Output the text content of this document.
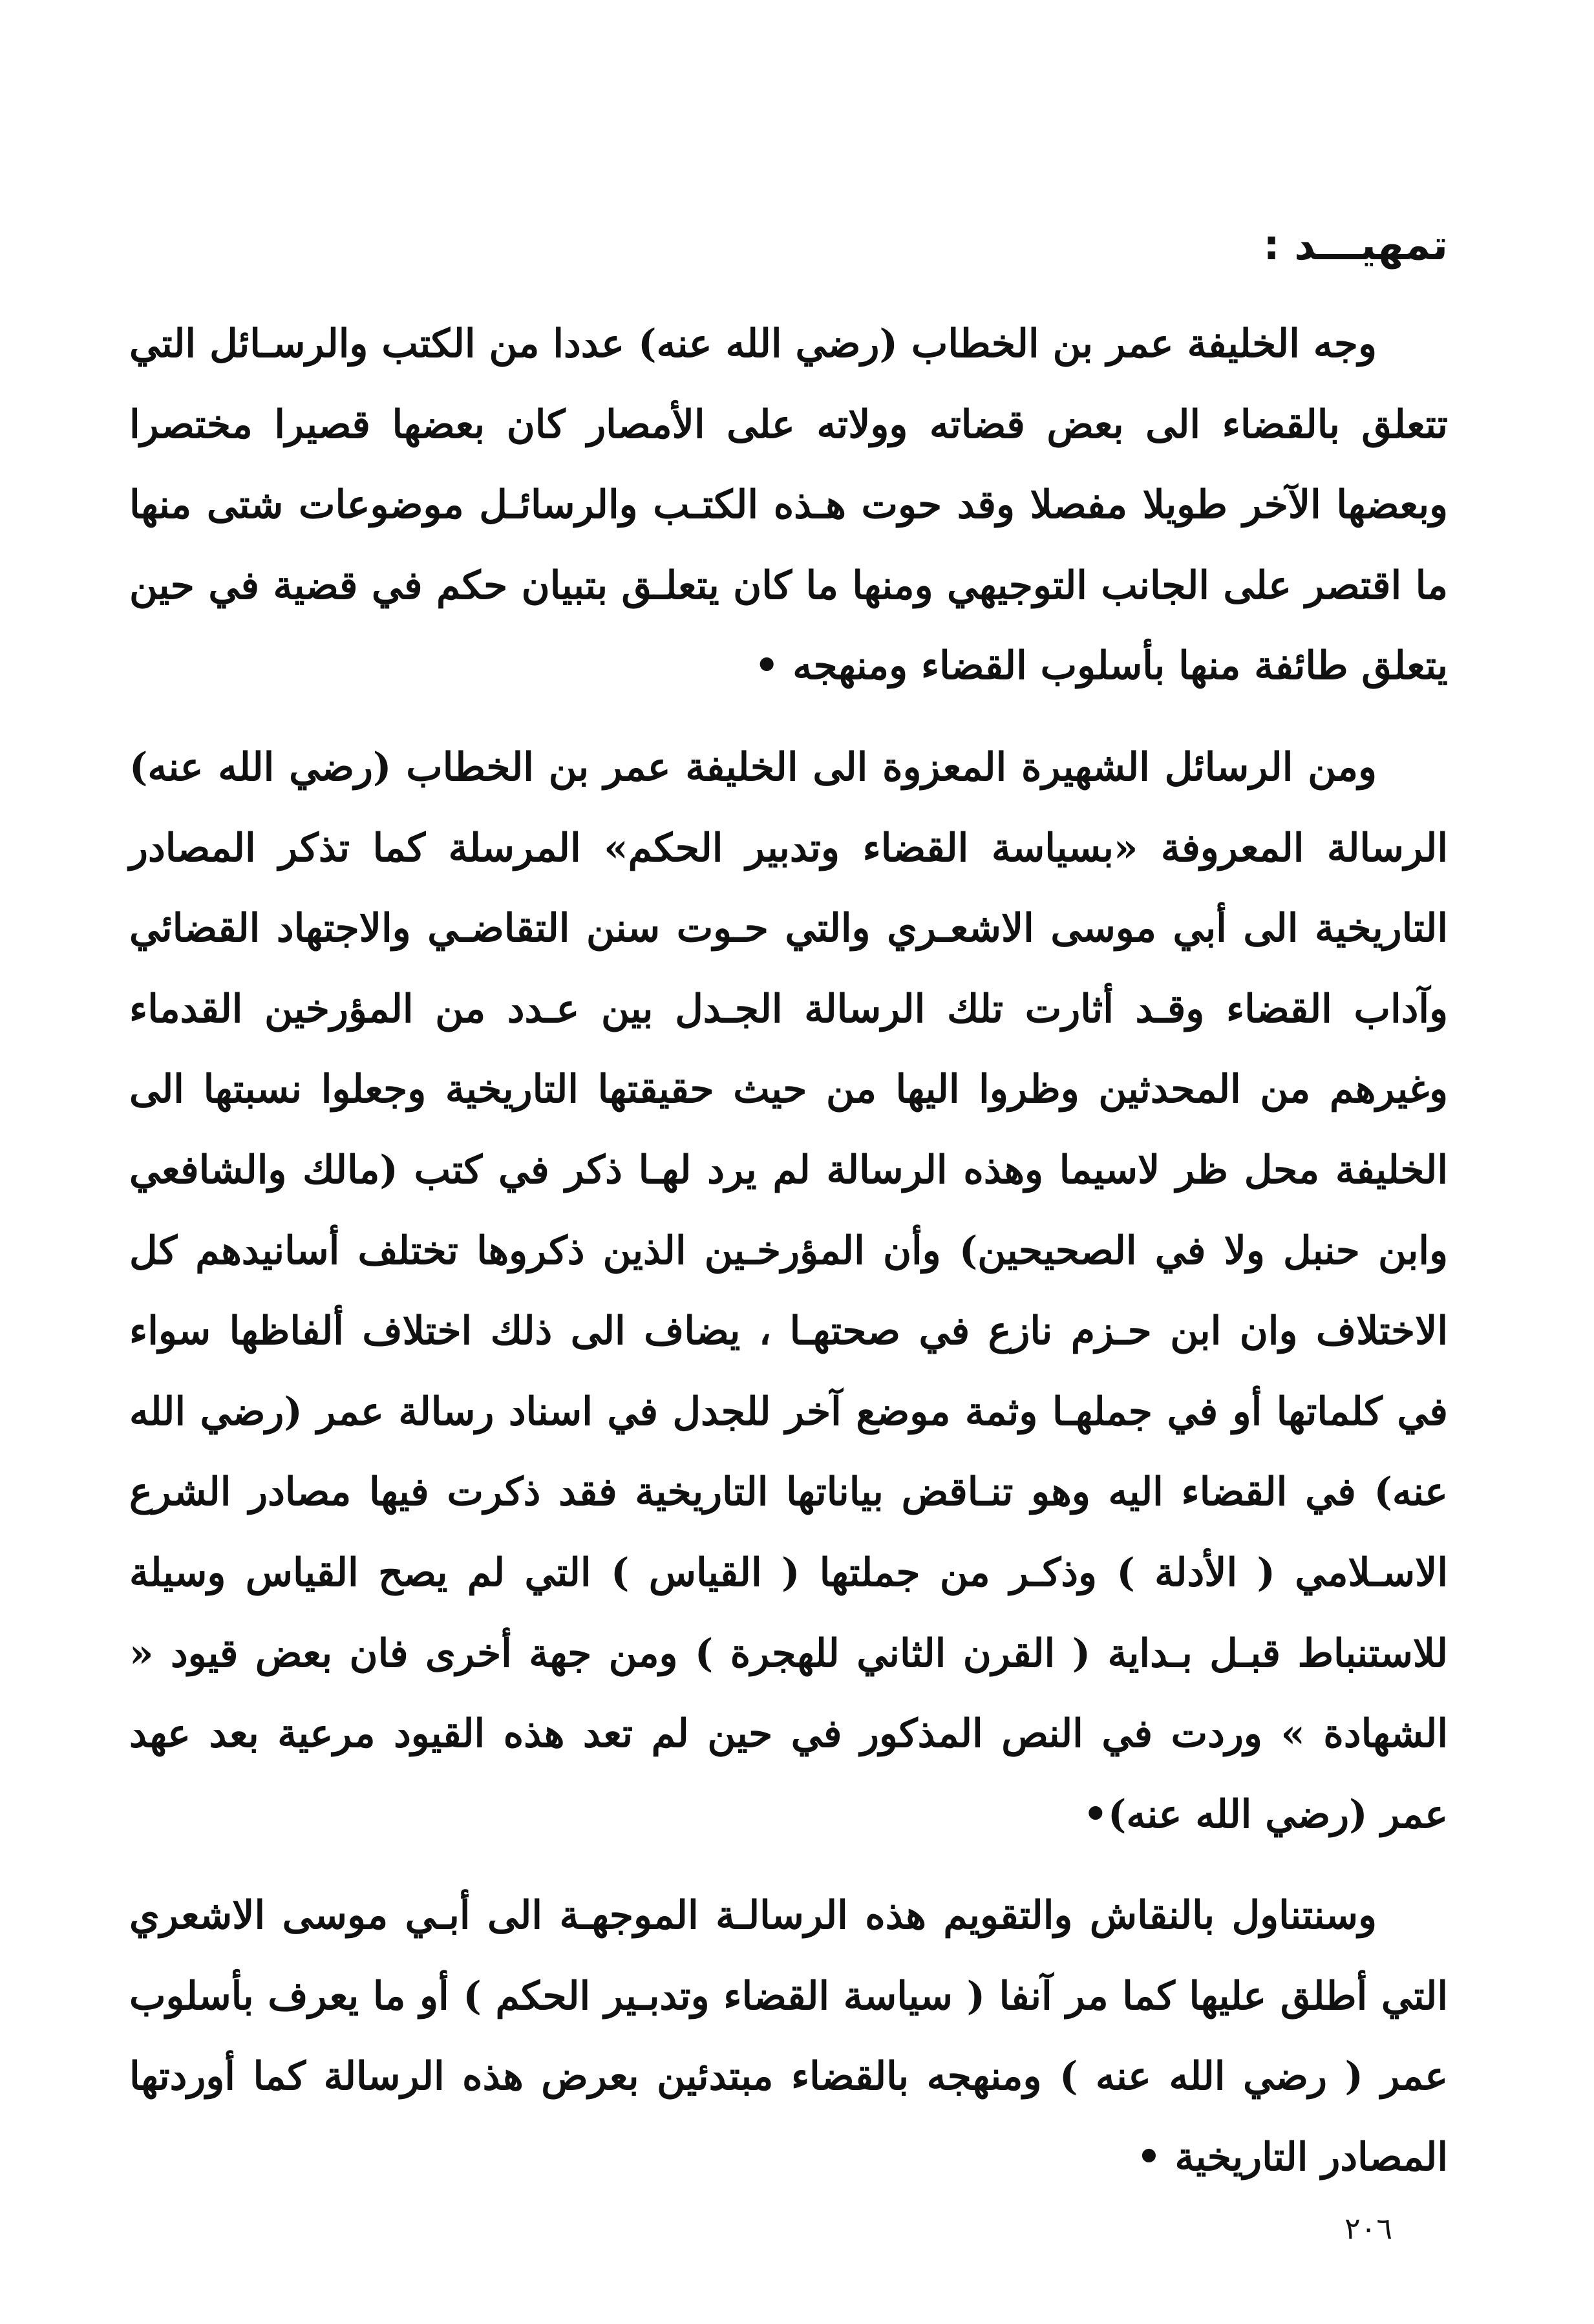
تمهيـــد :

وجه الخليفة عمر بن الخطاب (رضي الله عنه) عددا من الكتب والرسـائل التي تتعلق بالقضاء الى بعض قضاته وولاته على الأمصار كان بعضها قصيرا مختصرا وبعضها الآخر طويلا مفصلا وقد حوت هـذه الكتـب والرسائـل موضوعات شتى منها ما اقتصر على الجانب التوجيهي ومنها ما كان يتعلـق بتبيان حكم في قضية في حين يتعلق طائفة منها بأسلوب القضاء ومنهجه •

ومن الرسائل الشهيرة المعزوة الى الخليفة عمر بن الخطاب (رضي الله عنه) الرسالة المعروفة «بسياسة القضاء وتدبير الحكم» المرسلة كما تذكر المصادر التاريخية الى أبي موسى الاشعـري والتي حـوت سنن التقاضـي والاجتهاد القضائي وآداب القضاء وقـد أثارت تلك الرسالة الجـدل بين عـدد من المؤرخين القدماء وغيرهم من المحدثين وظروا اليها من حيث حقيقتها التاريخية وجعلوا نسبتها الى الخليفة محل ظر لاسيما وهذه الرسالة لم يرد لهـا ذكر في كتب (مالك والشافعي وابن حنبل ولا في الصحيحين) وأن المؤرخـين الذين ذكروها تختلف أسانيدهم كل الاختلاف وان ابن حـزم نازع في صحتهـا ، يضاف الى ذلك اختلاف ألفاظها سواء في كلماتها أو في جملهـا وثمة موضع آخر للجدل في اسناد رسالة عمر (رضي الله عنه) في القضاء اليه وهو تنـاقض بياناتها التاريخية فقد ذكرت فيها مصادر الشرع الاسـلامي ( الأدلة ) وذكـر من جملتها ( القياس ) التي لم يصح القياس وسيلة للاستنباط قبـل بـداية ( القرن الثاني للهجرة ) ومن جهة أخرى فان بعض قيود « الشهادة » وردت في النص المذكور في حين لم تعد هذه القيود مرعية بعد عهد عمر (رضي الله عنه)•

وسنتناول بالنقاش والتقويم هذه الرسالـة الموجهـة الى أبـي موسى الاشعري التي أطلق عليها كما مر آنفا ( سياسة القضاء وتدبـير الحكم ) أو ما يعرف بأسلوب عمر ( رضي الله عنه ) ومنهجه بالقضاء مبتدئين بعرض هذه الرسالة كما أوردتها المصادر التاريخية •

٢٠٦
